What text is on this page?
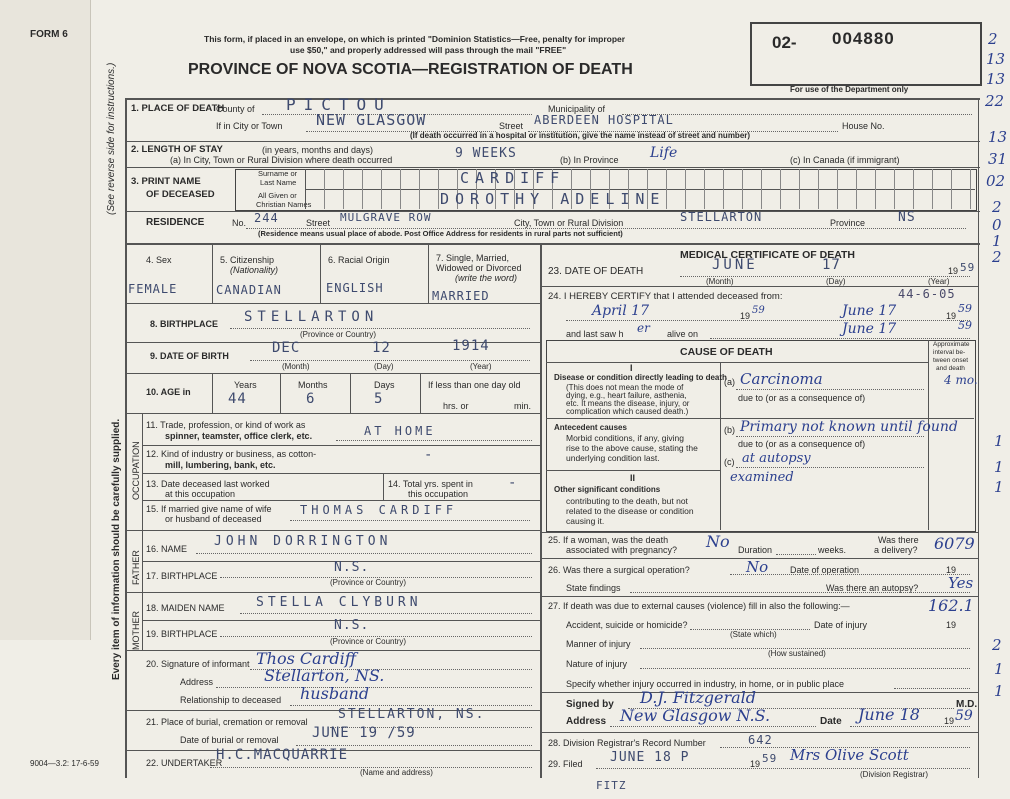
(See reverse side for instructions.)
Every item of information should be carefully supplied.
FORM 6	This form, if placed in an envelope, on which is printed "Dominion Statistics—Free, penalty for improper
use $50," and properly addressed will pass through the mail "FREE"
PROVINCE OF NOVA SCOTIA—REGISTRATION OF DEATH
02- 004880
For use of the Department only
2
13
13
22
13
31
02
2
0
1
2
1
1
1
2
1
1
1. PLACE OF DEATH
County of PICTOU	Municipality of
If in City or Town NEW GLASGOW	Street ABERDEEN HOSPITAL	House No.
(If death occurred in a hospital or institution, give the name instead of street and number)
2. LENGTH OF STAY	(in years, months and days)
(a) In City, Town or Rural Division where death occurred	9 WEEKS	(b) In Province Life	(c) In Canada (if immigrant)
3. PRINT NAME
OF DECEASED
Surname or
Last Name
All Given or
Christian Names
CARDIFF
DOROTHY ADELINE
RESIDENCE	No. 244	Street MULGRAVE ROW	City, Town or Rural Division	STELLARTON	Province	NS
(Residence means usual place of abode. Post Office Address for residents in rural parts not sufficient)
4. Sex
FEMALE
5. Citizenship
(Nationality)
CANADIAN
6. Racial Origin
ENGLISH
7. Single, Married,
Widowed or Divorced
(write the word)
MARRIED
8. BIRTHPLACE STELLARTON
(Province or Country)
9. DATE OF BIRTH	DEC	12	1914
(Month)	(Day)	(Year)
10. AGE in
Years	Months	Days
44	6	5
If less than one day old
hrs. or	min.
OCCUPATION
11. Trade, profession, or kind of work as
spinner, teamster, office clerk, etc.	AT HOME
12. Kind of industry or business, as cotton-
mill, lumbering, bank, etc.
-
13. Date deceased last worked
at this occupation
14. Total yrs. spent in
this occupation
-
15. If married give name of wife
or husband of deceased
THOMAS CARDIFF
FATHER
16. NAME JOHN DORRINGTON
17. BIRTHPLACE
N.S.
(Province or Country)
MOTHER
18. MAIDEN NAME STELLA CLYBURN
19. BIRTHPLACE
N.S.
(Province or Country)
20. Signature of informant Thos Cardiff
Address	Stellarton, NS.
Relationship to deceased husband
21. Place of burial, cremation or removal STELLARTON, NS.
Date of burial or removal JUNE 19 /59
22. UNDERTAKER
H.C.MACQUARRIE
(Name and address)
9004—3.2: 17-6-59
FITZ
MEDICAL CERTIFICATE OF DEATH
23. DATE OF DEATH	JUNE	17	19 59
(Month)	(Day)	(Year)
24. I HEREBY CERTIFY that I attended deceased from:	44-6-05
April 17	19 59	June 17	19
59
and last saw h er alive on	June 17	59
CAUSE OF DEATH
Approximate
interval be-
tween onset
and death
I
Disease or condition directly leading to death
(This does not mean the mode of
dying, e.g., heart failure, asthenia,
etc. It means the disease, injury, or
complication which caused death.)
(a) Carcinoma	4 mo.
due to (or as a consequence of)
Antecedent causes
Morbid conditions, if any, giving
rise to the above cause, stating the
underlying condition last.
(b) Primary not known until found
due to (or as a consequence of)
(c) at autopsy
examined
II
Other significant conditions
contributing to the death, but not
related to the disease or condition
causing it.
25. If a woman, was the death
associated with pregnancy? No Duration	weeks.
Was there
a delivery? 6079
26. Was there a surgical operation?	No Date of operation	19
State findings	Was there an autopsy? Yes
27. If death was due to external causes (violence) fill in also the following:—	162.1
Accident, suicide or homicide?
(State which)
Date of injury	19
Manner of injury
(How sustained)
Nature of injury
Specify whether injury occurred in industry, in home, or in public place
Signed by D.J. Fitzgerald	M.D.
Address New Glasgow N.S.	Date June 18	19 59
28. Division Registrar's Record Number	642
29. Filed JUNE 18 P	19 59 Mrs Olive Scott
(Division Registrar)
